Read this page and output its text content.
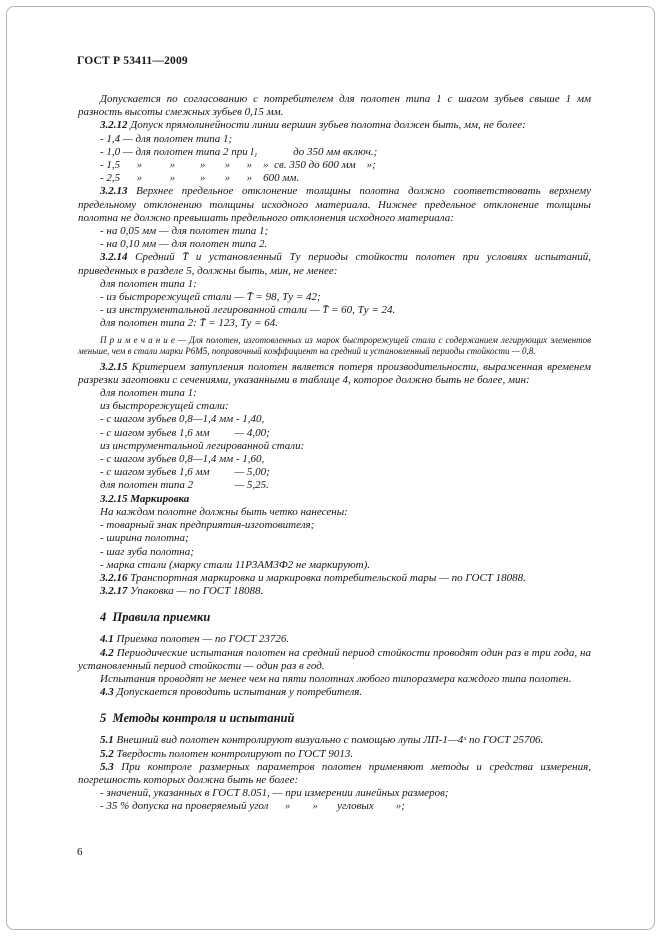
ГОСТ Р 53411—2009

Допускается по согласованию с потребителем для полотен типа 1 с шагом зубьев свыше 1 мм разность высоты смежных зубьев 0,15 мм.

3.2.12 Допуск прямолинейности линии вершин зубьев полотна должен быть, мм, не более:

- 1,4 — для полотен типа 1;

- 1,0 — для полотен типа 2 при l₁             до 350 мм включ.;

- 1,5      »          »         »       »      »    »  св. 350 до 600 мм    »;

- 2,5      »          »         »       »      »    600 мм.

3.2.13 Верхнее предельное отклонение толщины полотна должно соответствовать верхнему предельному отклонению толщины исходного материала. Нижнее предельное отклонение толщины полотна не должно превышать предельного отклонения исходного материала:

- на 0,05 мм — для полотен типа 1;

- на 0,10 мм — для полотен типа 2.

3.2.14 Средний T̄ и установленный Tу периоды стойкости полотен при условиях испытаний, приведенных в разделе 5, должны быть, мин, не менее:

для полотен типа 1:

- из быстрорежущей стали — T̄ = 98, Tу = 42;

- из инструментальной легированной стали — T̄ = 60, Tу = 24.

для полотен типа 2: T̄ = 123, Tу = 64.

П р и м е ч а н и е — Для полотен, изготовленных из марок быстрорежущей стали с содержанием легирующих элементов меньше, чем в стали марки Р6М5, поправочный коэффициент на средний и установленный периоды стойкости — 0,8.

3.2.15 Критерием затупления полотен является потеря производительности, выраженная временем разрезки заготовки с сечениями, указанными в таблице 4, которое должно быть не более, мин:

для полотен типа 1:

из быстрорежущей стали:

- с шагом зубьев 0,8—1,4 мм - 1,40,

- с шагом зубьев 1,6 мм         — 4,00;

из инструментальной легированной стали:

- с шагом зубьев 0,8—1,4 мм - 1,60,

- с шагом зубьев 1,6 мм         — 5,00;

для полотен типа 2               — 5,25.

3.2.15 Маркировка

На каждом полотне должны быть четко нанесены:

- товарный знак предприятия-изготовителя;

- ширина полотна;

- шаг зуба полотна;

- марка стали (марку стали 11Р3АМ3Ф2 не маркируют).

3.2.16 Транспортная маркировка и маркировка потребительской тары — по ГОСТ 18088.

3.2.17 Упаковка — по ГОСТ 18088.

4  Правила приемки

4.1 Приемка полотен — по ГОСТ 23726.

4.2 Периодические испытания полотен на средний период стойкости проводят один раз в три года, на установленный период стойкости — один раз в год.

Испытания проводят не менее чем на пяти полотнах любого типоразмера каждого типа полотен.

4.3 Допускается проводить испытания у потребителя.

5  Методы контроля и испытаний

5.1 Внешний вид полотен контролируют визуально с помощью лупы ЛП-1—4ˣ по ГОСТ 25706.

5.2 Твердость полотен контролируют по ГОСТ 9013.

5.3 При контроле размерных параметров полотен применяют методы и средства измерения, погрешность которых должна быть не более:

- значений, указанных в ГОСТ 8.051, — при измерении линейных размеров;

- 35 % допуска на проверяемый угол      »        »       угловых        »;

6
